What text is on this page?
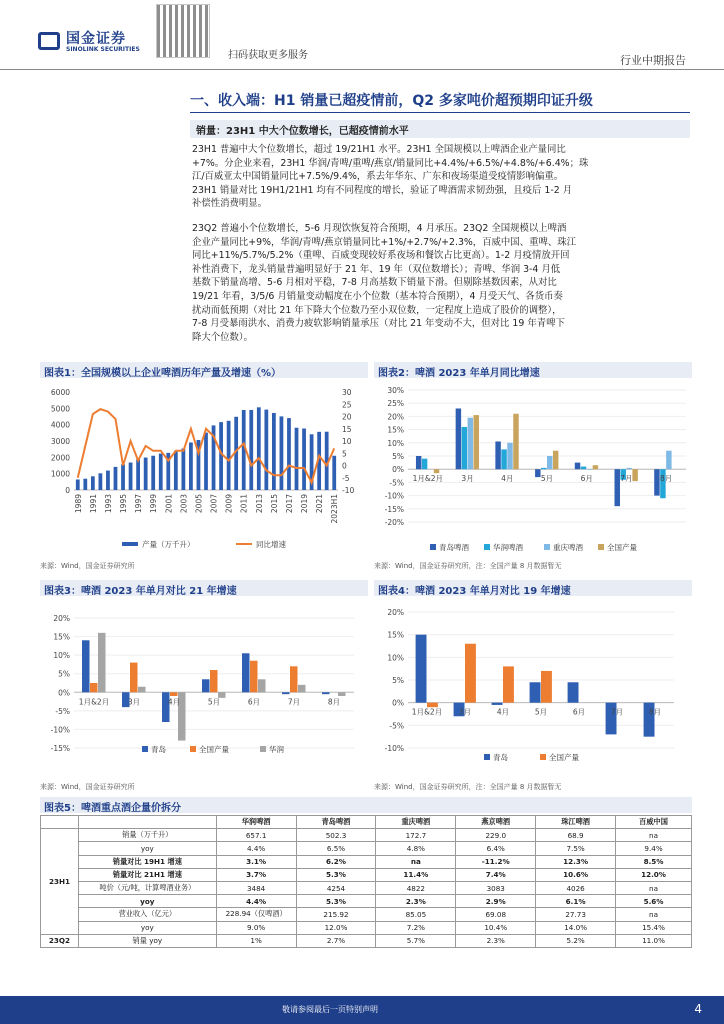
国金证券
SINOLINK SECURITIES
扫码获取更多服务	行业中期报告
一、收入端：H1 销量已超疫情前，Q2 多家吨价超预期印证升级
销量：23H1 中大个位数增长，已超疫情前水平
23H1 普遍中大个位数增长，超过 19/21H1 水平。23H1 全国规模以上啤酒企业产量同比
+7%。分企业来看，23H1 华润/青啤/重啤/燕京/销量同比+4.4%/+6.5%/+4.8%/+6.4%；珠
江/百威亚太中国销量同比+7.5%/9.4%，系去年华东、广东和夜场渠道受疫情影响偏重。
23H1 销量对比 19H1/21H1 均有不同程度的增长，验证了啤酒需求韧劲强，且疫后 1-2 月
补偿性消费明显。
23Q2 普遍小个位数增长，5-6 月现饮恢复符合预期，4 月承压。23Q2 全国规模以上啤酒
企业产量同比+9%，华润/青啤/燕京销量同比+1%/+2.7%/+2.3%，百威中国、重啤、珠江
同比+11%/5.7%/5.2%（重啤、百威变现较好系夜场和餐饮占比更高）。1-2 月疫情放开回
补性消费下，龙头销量普遍明显好于 21 年、19 年（双位数增长）；青啤、华润 3-4 月低
基数下销量高增、5-6 月相对平稳，7-8 月高基数下销量下滑。但剔除基数因素，从对比
19/21 年看，3/5/6 月销量变动幅度在小个位数（基本符合预期），4 月受天气、各货币奏
扰动而低预期（对比 21 年下降大个位数乃至小双位数，一定程度上造成了股价的调整），
7-8 月受暴雨洪水、消费力疲软影响销量承压（对比 21 年变动不大，但对比 19 年青啤下
降大个位数）。
图表1：全国规模以上企业啤酒历年产量及增速（%）
6000
5000
4000
3000
2000
1000
0
30
25
20
15
10
5
0
-5
-10
1989 1991 1993 1995 1997 1999 2001 2003 2005 2007 2009 2011 2013 2015 2017 2019 2021 2023H1
产量（万千升）	同比增速
来源：Wind，国金证券研究所
图表2：啤酒 2023 年单月同比增速
30%
25%
20%
15%
10%
5%
0%
-5%
-10%
-15%
-20%
1月&2月 3月	4月	5月	6月	7月	8月
青岛啤酒	华润啤酒	重庆啤酒	全国产量
来源：Wind，国金证券研究所，注：全国产量 8 月数据暂无
图表3：啤酒 2023 年单月对比 21 年增速
20%
15%
10%
5%
0%
-5%
-10%
-15%
1月&2月 3月	4月	5月	6月	7月	8月
青岛	全国产量	华润
来源：Wind，国金证券研究所
图表4：啤酒 2023 年单月对比 19 年增速
20%
15%
10%
5%
0%
-5%
-10%
1月&2月 3月	4月	5月	6月	7月	8月
青岛	全国产量
来源：Wind，国金证券研究所，注：全国产量 8 月数据暂无
图表5：啤酒重点酒企量价拆分
		华润啤酒	青岛啤酒	重庆啤酒	燕京啤酒	珠江啤酒	百威中国
23H1	销量（万千升）	657.1	502.3	172.7	229.0	68.9	na
	yoy	4.4%	6.5%	4.8%	6.4%	7.5%	9.4%
	销量对比 19H1 增速	3.1%	6.2%	na	-11.2%	12.3%	8.5%
	销量对比 21H1 增速	3.7%	5.3%	11.4%	7.4%	10.6%	12.0%
	吨价（元/吨，计算啤酒业务）	3484	4254	4822	3083	4026	na
	yoy	4.4%	5.3%	2.3%	2.9%	6.1%	5.6%
	营业收入（亿元）	228.94（仅啤酒）	215.92	85.05	69.08	27.73	na
	yoy	9.0%	12.0%	7.2%	10.4%	14.0%	15.4%
23Q2	销量 yoy	1%	2.7%	5.7%	2.3%	5.2%	11.0%
敬请参阅最后一页特别声明	4
